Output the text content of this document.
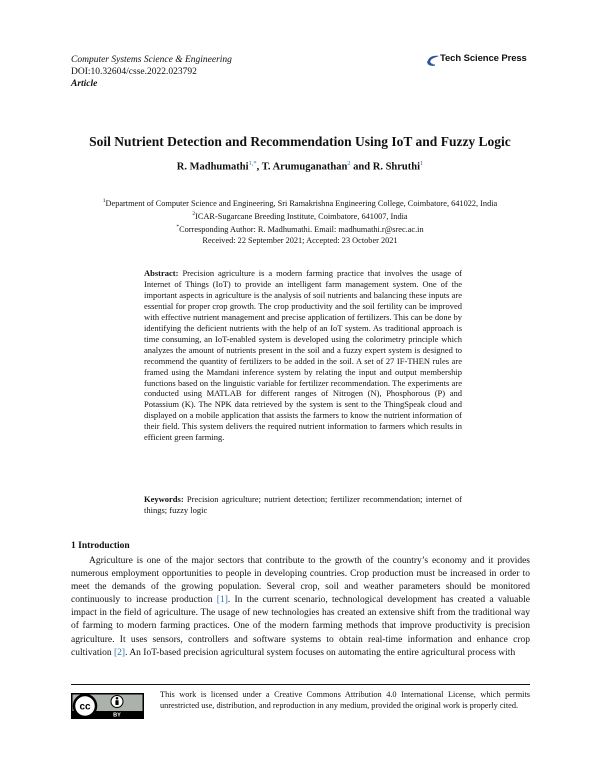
Computer Systems Science & Engineering
DOI:10.32604/csse.2022.023792
Article
Tech Science Press
Soil Nutrient Detection and Recommendation Using IoT and Fuzzy Logic
R. Madhumathi$^{1,*}$, T. Arumuganathan$^2$ and R. Shruthi$^1$
$^1$Department of Computer Science and Engineering, Sri Ramakrishna Engineering College, Coimbatore, 641022, India
$^2$ICAR-Sugarcane Breeding Institute, Coimbatore, 641007, India
*Corresponding Author: R. Madhumathi. Email: madhumathi.r@srec.ac.in
Received: 22 September 2021; Accepted: 23 October 2021

Abstract: Precision agriculture is a modern farming practice that involves the usage of Internet of Things (IoT) to provide an intelligent farm management system. One of the important aspects in agriculture is the analysis of soil nutrients and balancing these inputs are essential for proper crop growth. The crop productivity and the soil fertility can be improved with effective nutrient management and precise application of fertilizers. This can be done by identifying the deficient nutrients with the help of an IoT system. As traditional approach is time consuming, an IoT-enabled system is developed using the colorimetry principle which analyzes the amount of nutrients present in the soil and a fuzzy expert system is designed to recommend the quantity of fertilizers to be added in the soil. A set of 27 IF-THEN rules are framed using the Mamdani inference system by relating the input and output membership functions based on the linguistic variable for fertilizer recommendation. The experiments are conducted using MATLAB for different ranges of Nitrogen (N), Phosphorous (P) and Potassium (K). The NPK data retrieved by the system is sent to the ThingSpeak cloud and displayed on a mobile application that assists the farmers to know the nutrient information of their field. This system delivers the required nutrient information to farmers which results in efficient green farming.

Keywords: Precision agriculture; nutrient detection; fertilizer recommendation; internet of things; fuzzy logic
1 Introduction

Agriculture is one of the major sectors that contribute to the growth of the country’s economy and it provides numerous employment opportunities to people in developing countries. Crop production must be increased in order to meet the demands of the growing population. Several crop, soil and weather parameters should be monitored continuously to increase production [1]. In the current scenario, technological development has created a valuable impact in the field of agriculture. The usage of new technologies has created an extensive shift from the traditional way of farming to modern farming practices. One of the modern farming methods that improve productivity is precision agriculture. It uses sensors, controllers and software systems to obtain real-time information and enhance crop cultivation [2]. An IoT-based precision agricultural system focuses on automating the entire agricultural process with

cc
BY
This work is licensed under a Creative Commons Attribution 4.0 International License, which permits unrestricted use, distribution, and reproduction in any medium, provided the original work is properly cited.
